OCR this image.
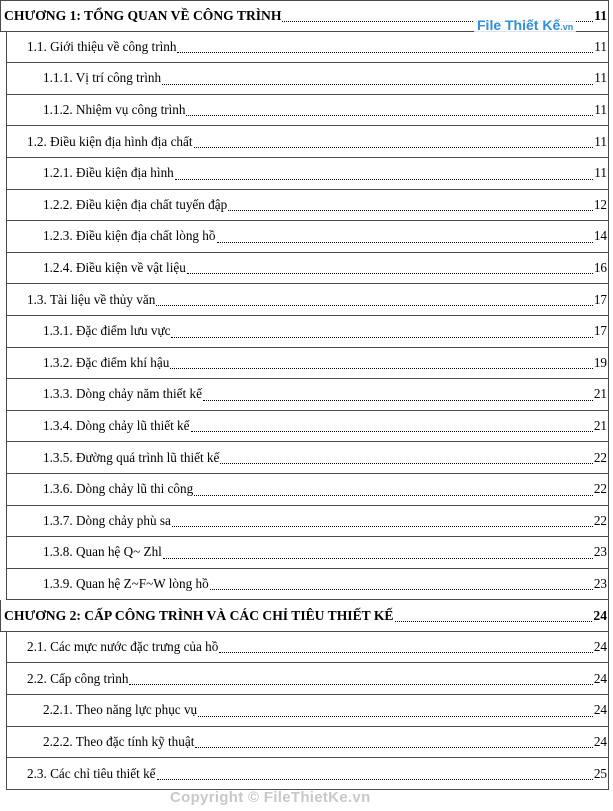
CHƯƠNG 1: TỔNG QUAN VỀ CÔNG TRÌNH	11
1.1. Giới thiệu về công trình	11
1.1.1. Vị trí công trình	11
1.1.2. Nhiệm vụ công trình	11
1.2. Điều kiện địa hình địa chất	11
1.2.1. Điều kiện địa hình	11
1.2.2. Điều kiện địa chất tuyến đập	12
1.2.3. Điều kiện địa chất lòng hồ	14
1.2.4. Điều kiện về vật liệu	16
1.3. Tài liệu về thủy văn	17
1.3.1. Đặc điểm lưu vực	17
1.3.2. Đặc điểm khí hậu	19
1.3.3. Dòng chảy năm thiết kế	21
1.3.4. Dòng chảy lũ thiết kế	21
1.3.5. Đường quá trình lũ thiết kế	22
1.3.6. Dòng chảy lũ thi công	22
1.3.7. Dòng chảy phù sa	22
1.3.8. Quan hệ Q~ Zhl	23
1.3.9. Quan hệ Z~F~W lòng hồ	23
CHƯƠNG 2: CẤP CÔNG TRÌNH VÀ CÁC CHỈ TIÊU THIẾT KẾ	24
2.1. Các mực nước đặc trưng của hồ	24
2.2. Cấp công trình	24
2.2.1. Theo năng lực phục vụ	24
2.2.2. Theo đặc tính kỹ thuật	24
2.3. Các chỉ tiêu thiết kế	25
File Thiết Kế.vn
Copyright © FileThietKe.vn
